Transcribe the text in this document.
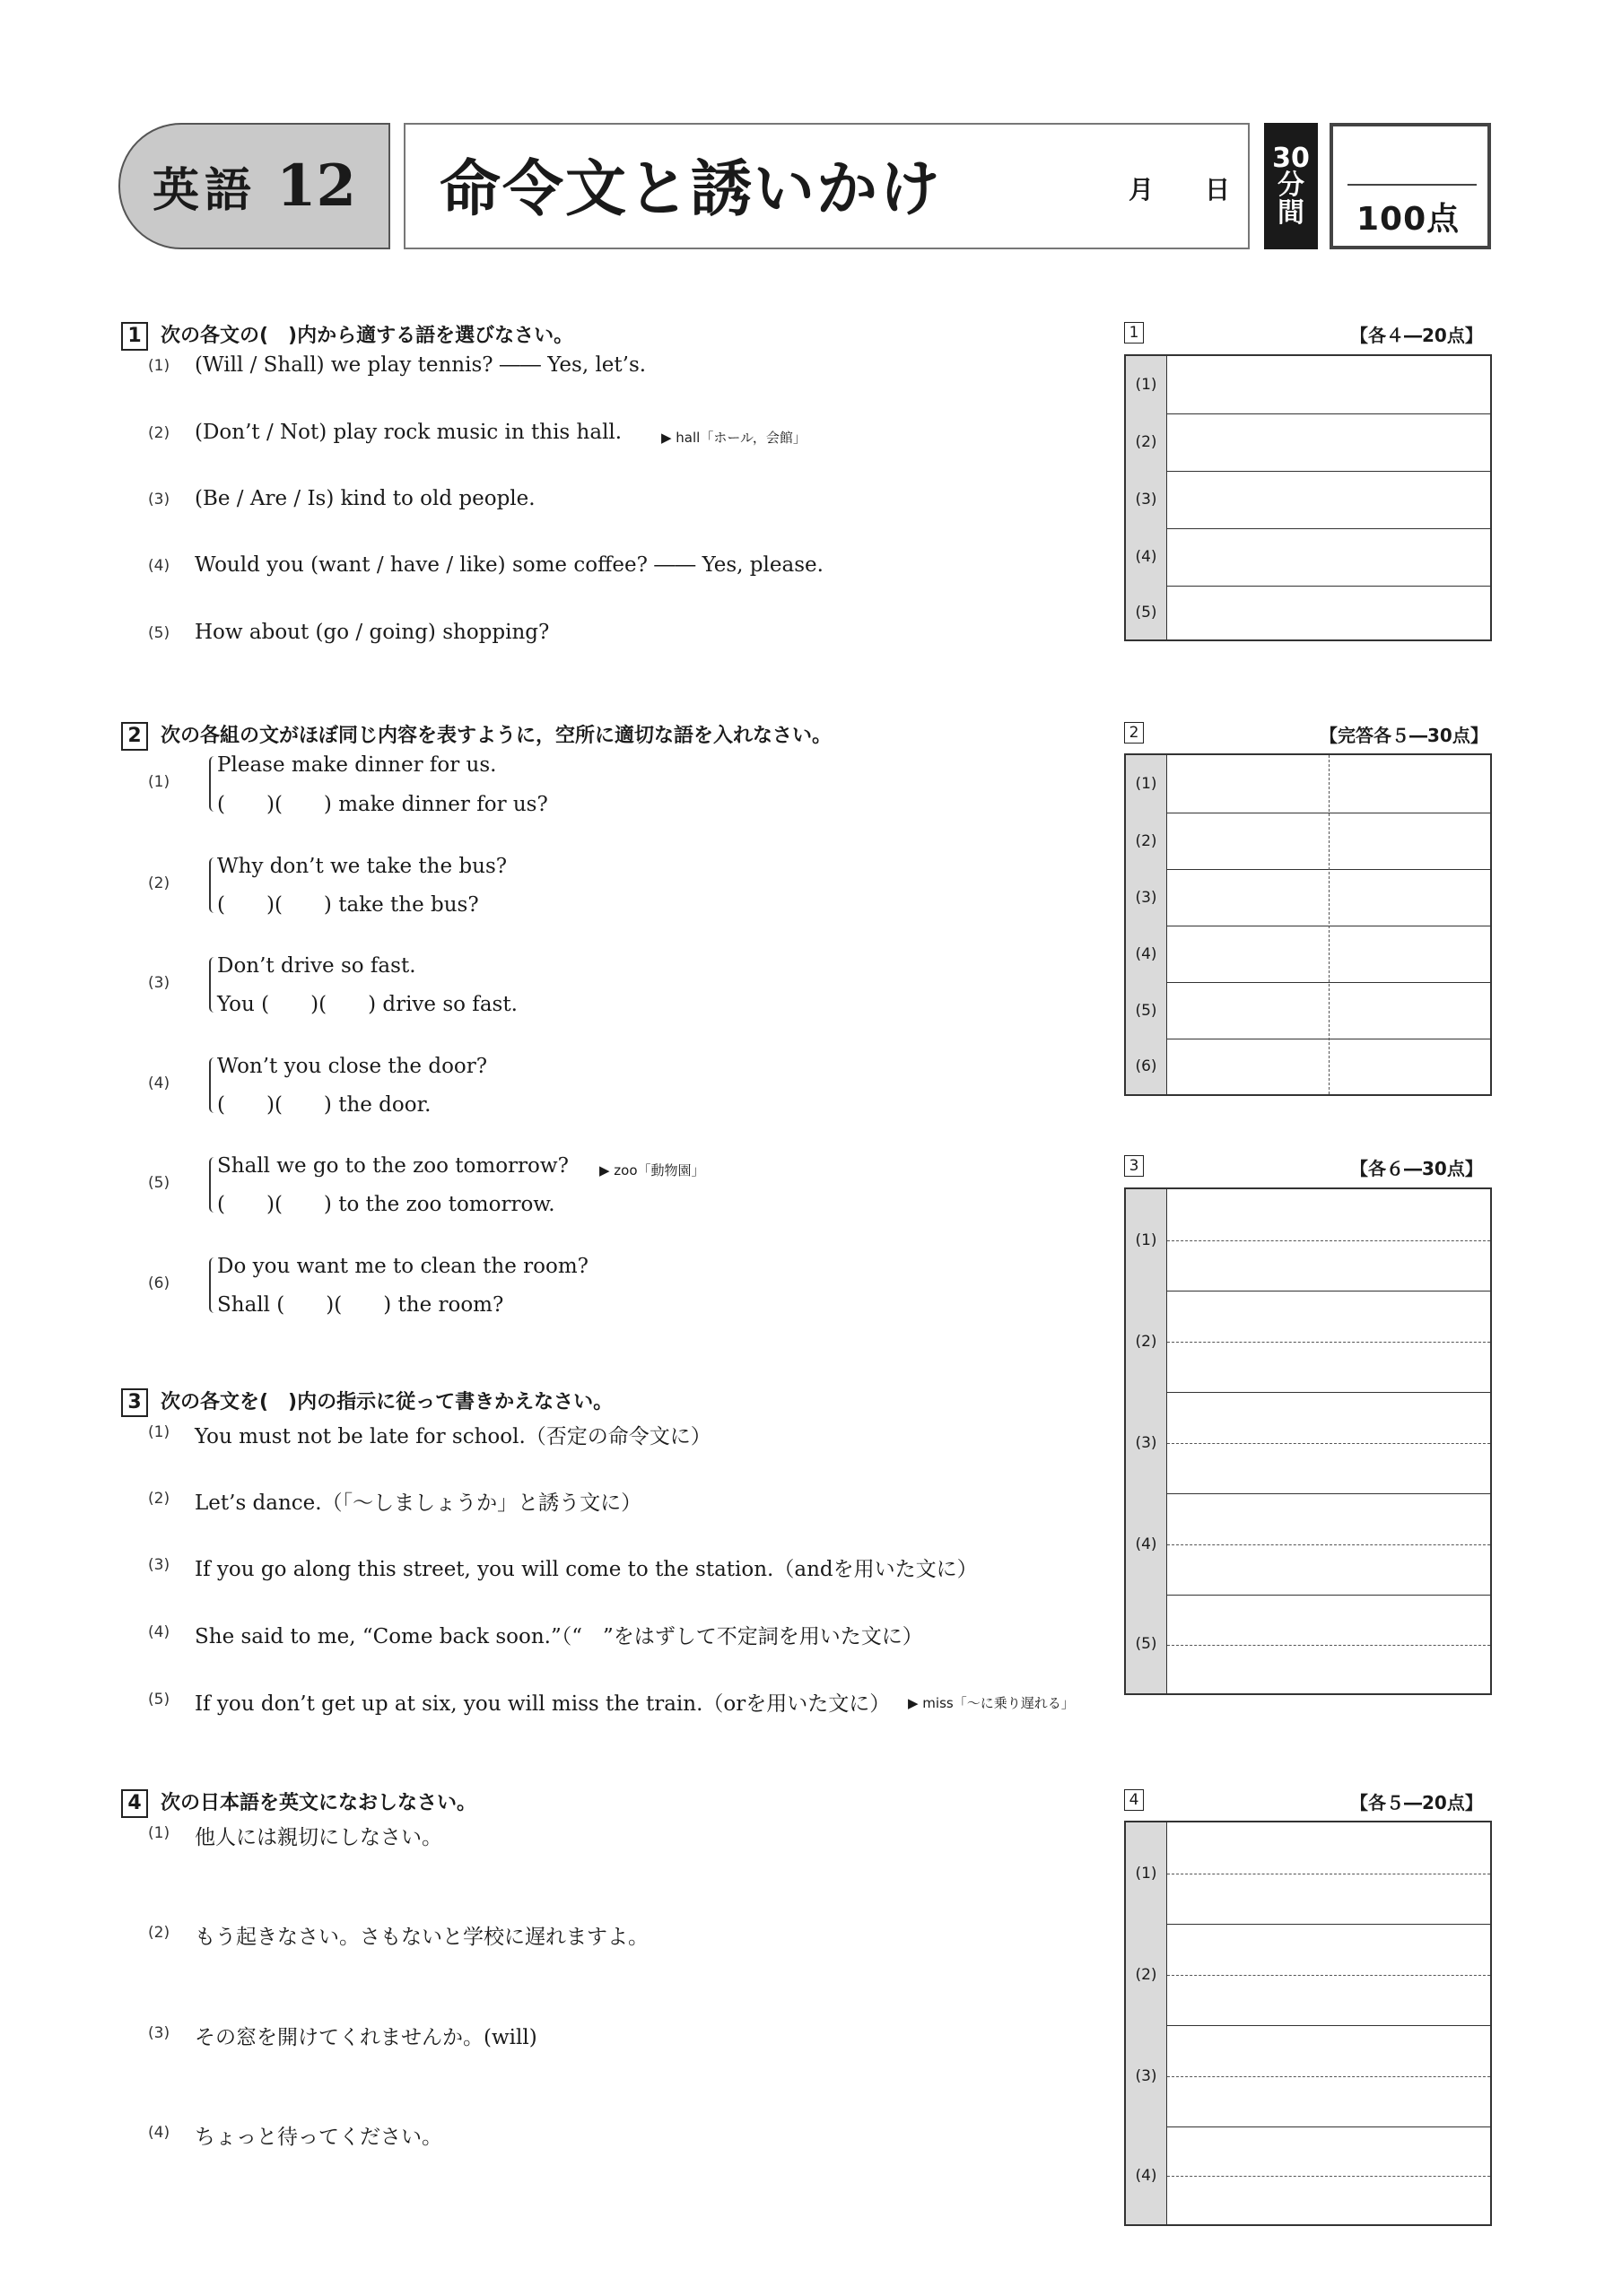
英語 12 命令文と誘いかけ	月 日
30
分
間 100点
1 次の各文の(　)内から適する語を選びなさい。
(1) (Will / Shall) we play tennis? ―― Yes, let’s.
(2) (Don’t / Not) play rock music in this hall.	▶ hall「ホール，会館」
(3) (Be / Are / Is) kind to old people.
(4) Would you (want / have / like) some coffee? ―― Yes, please.
(5) How about (go / going) shopping?
1	【各４―20点】
(1)
(2)
(3)
(4)
(5)
2 次の各組の文がほぼ同じ内容を表すように，空所に適切な語を入れなさい。
(1)
Please make dinner for us.
(　　)(　　) make dinner for us?
(2)
Why don’t we take the bus?
(　　)(　　) take the bus?
(3)
Don’t drive so fast.
You (　　)(　　) drive so fast.
(4)
Won’t you close the door?
(　　)(　　) the door.
(5)
Shall we go to the zoo tomorrow?
(　　)(　　) to the zoo tomorrow.
▶ zoo「動物園」
(6)
Do you want me to clean the room?
Shall (　　)(　　) the room?
2	【完答各５―30点】
(1)
(2)
(3)
(4)
(5)
(6)
3 次の各文を(　)内の指示に従って書きかえなさい。
(1) You must not be late for school.（否定の命令文に）
(2) Let’s dance.（「～しましょうか」と誘う文に）
(3) If you go along this street, you will come to the station.（andを用いた文に）
(4) She said to me, “Come back soon.”（“　”をはずして不定詞を用いた文に）
(5) If you don’t get up at six, you will miss the train.（orを用いた文に） ▶ miss「～に乗り遅れる」
3	【各６―30点】
(1)
(2)
(3)
(4)
(5)
4 次の日本語を英文になおしなさい。
(1) 他人には親切にしなさい。
(2) もう起きなさい。さもないと学校に遅れますよ。
(3) その窓を開けてくれませんか。(will)
(4) ちょっと待ってください。
4	【各５―20点】
(1)
(2)
(3)
(4)
